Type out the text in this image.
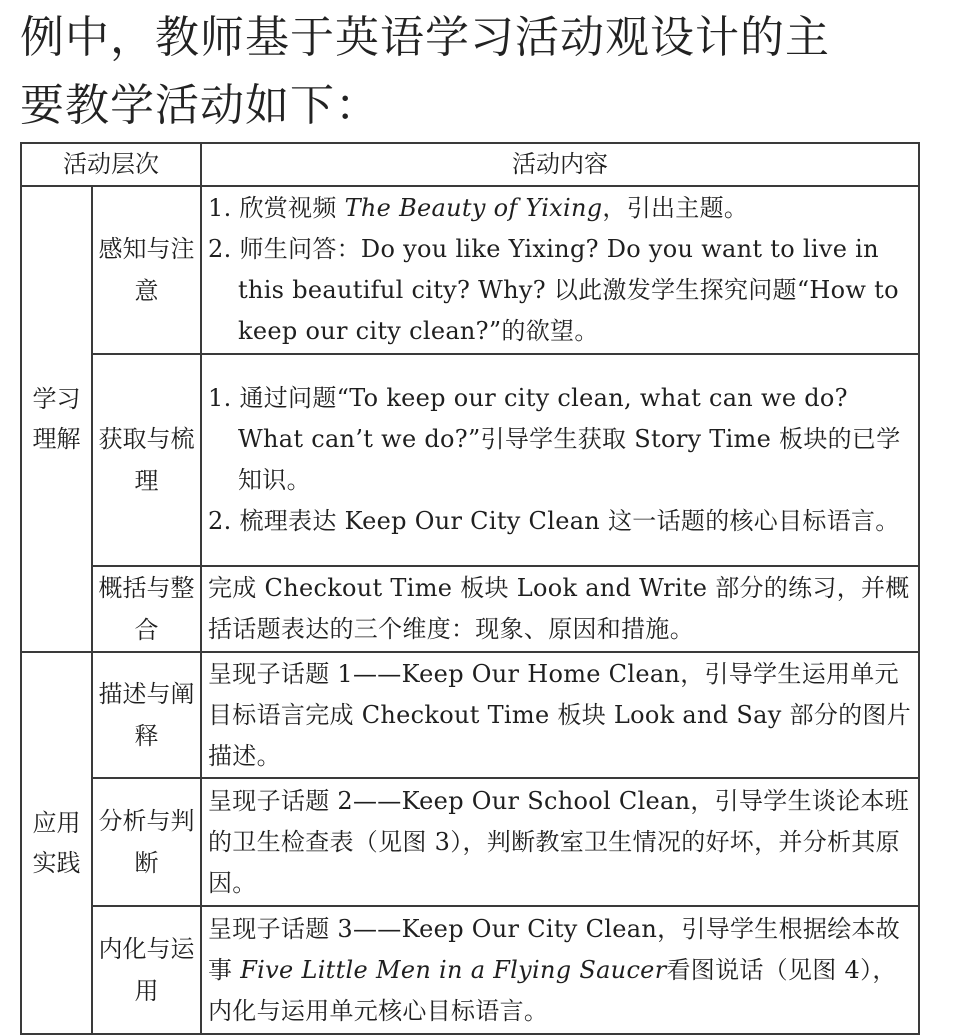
例中，教师基于英语学习活动观设计的主
要教学活动如下：
活动层次		活动内容

学习理解	感知与注意	1. 欣赏视频 The Beauty of Yixing，引出主题。
2. 师生问答：Do you like Yixing? Do you want to live in this beautiful city? Why? 以此激发学生探究问题“How to keep our city clean?”的欲望。

	获取与梳理	1. 通过问题“To keep our city clean, what can we do? What can’t we do?”引导学生获取 Story Time 板块的已学知识。
2. 梳理表达 Keep Our City Clean 这一话题的核心目标语言。

	概括与整合	完成 Checkout Time 板块 Look and Write 部分的练习，并概括话题表达的三个维度：现象、原因和措施。

应用实践	描述与阐释	呈现子话题 1——Keep Our Home Clean，引导学生运用单元目标语言完成 Checkout Time 板块 Look and Say 部分的图片描述。

	分析与判断	呈现子话题 2——Keep Our School Clean，引导学生谈论本班的卫生检查表（见图 3），判断教室卫生情况的好坏，并分析其原因。

	内化与运用	呈现子话题 3——Keep Our City Clean，引导学生根据绘本故事 Five Little Men in a Flying Saucer看图说话（见图 4），内化与运用单元核心目标语言。
